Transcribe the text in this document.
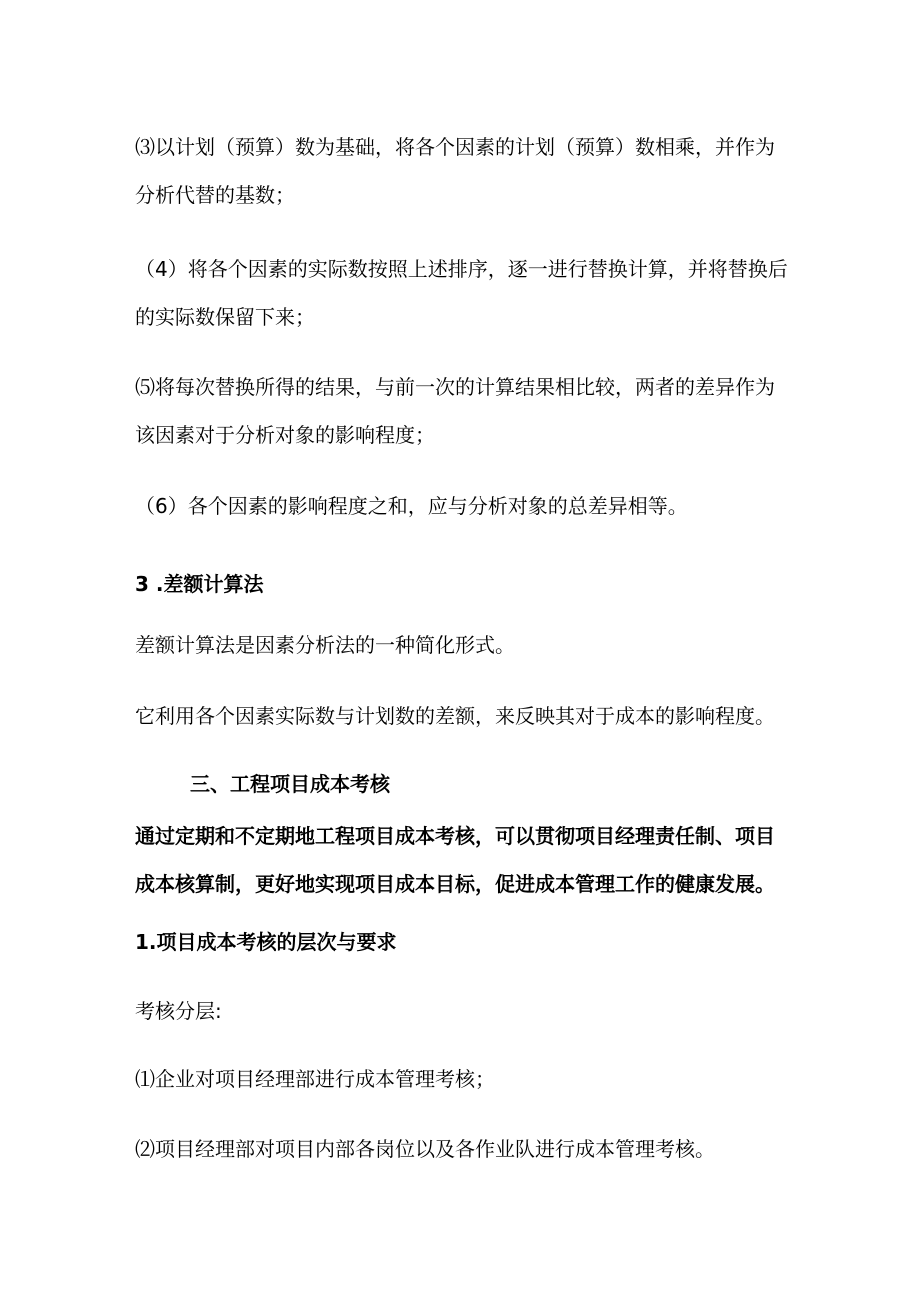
⑶以计划（预算）数为基础，将各个因素的计划（预算）数相乘，并作为
分析代替的基数；
（4）将各个因素的实际数按照上述排序，逐一进行替换计算，并将替换后
的实际数保留下来；
⑸将每次替换所得的结果，与前一次的计算结果相比较，两者的差异作为
该因素对于分析对象的影响程度；
（6）各个因素的影响程度之和，应与分析对象的总差异相等。
3 .差额计算法
差额计算法是因素分析法的一种简化形式。
它利用各个因素实际数与计划数的差额，来反映其对于成本的影响程度。
三、工程项目成本考核
通过定期和不定期地工程项目成本考核，可以贯彻项目经理责任制、项目
成本核算制，更好地实现项目成本目标，促进成本管理工作的健康发展。
1.项目成本考核的层次与要求
考核分层:
⑴企业对项目经理部进行成本管理考核；
⑵项目经理部对项目内部各岗位以及各作业队进行成本管理考核。
